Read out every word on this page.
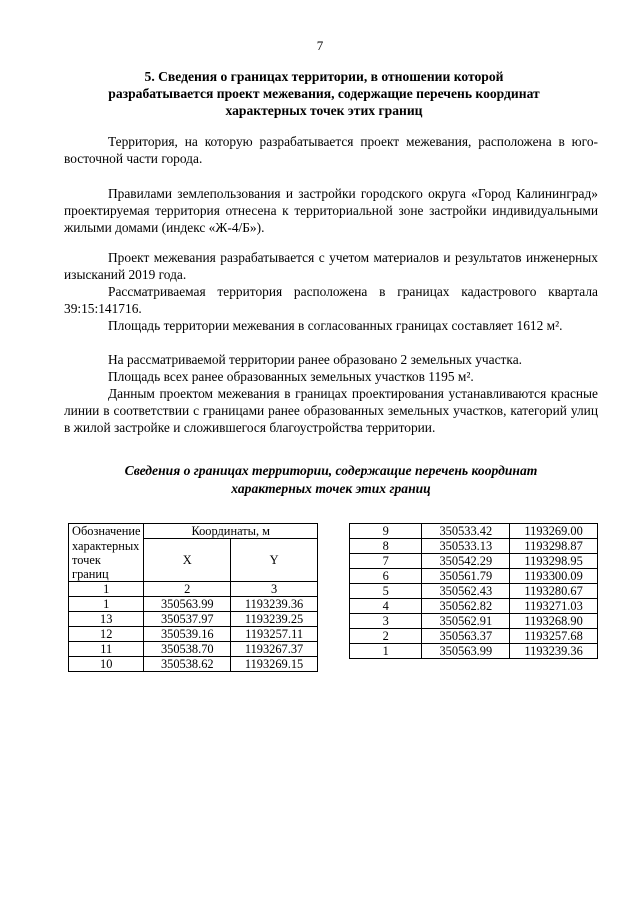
7
5. Сведения о границах территории, в отношении которой
разрабатывается проект межевания, содержащие перечень координат
характерных точек этих границ
Территория, на которую разрабатывается проект межевания, расположена в юго-восточной части города.
Правилами землепользования и застройки городского округа «Город Калининград» проектируемая территория отнесена к территориальной зоне застройки индивидуальными жилыми домами (индекс «Ж-4/Б»).
Проект межевания разрабатывается с учетом материалов и результатов инженерных изысканий 2019 года.
Рассматриваемая территория расположена в границах кадастрового квартала 39:15:141716.
Площадь территории межевания в согласованных границах составляет 1612 м².
На рассматриваемой территории ранее образовано 2 земельных участка.
Площадь всех ранее образованных земельных участков 1195 м².
Данным проектом межевания в границах проектирования устанавливаются красные линии в соответствии с границами ранее образованных земельных участков, категорий улиц в жилой застройке и сложившегося благоустройства территории.
Сведения о границах территории, содержащие перечень координат
характерных точек этих границ
Обозначение	Координаты, м	
характерных	X	Y
точек границ		
1	2	3
1	350563.99	1193239.36
13	350537.97	1193239.25
12	350539.16	1193257.11
11	350538.70	1193267.37
10	350538.62	1193269.15
9	350533.42	1193269.00
8	350533.13	1193298.87
7	350542.29	1193298.95
6	350561.79	1193300.09
5	350562.43	1193280.67
4	350562.82	1193271.03
3	350562.91	1193268.90
2	350563.37	1193257.68
1	350563.99	1193239.36
